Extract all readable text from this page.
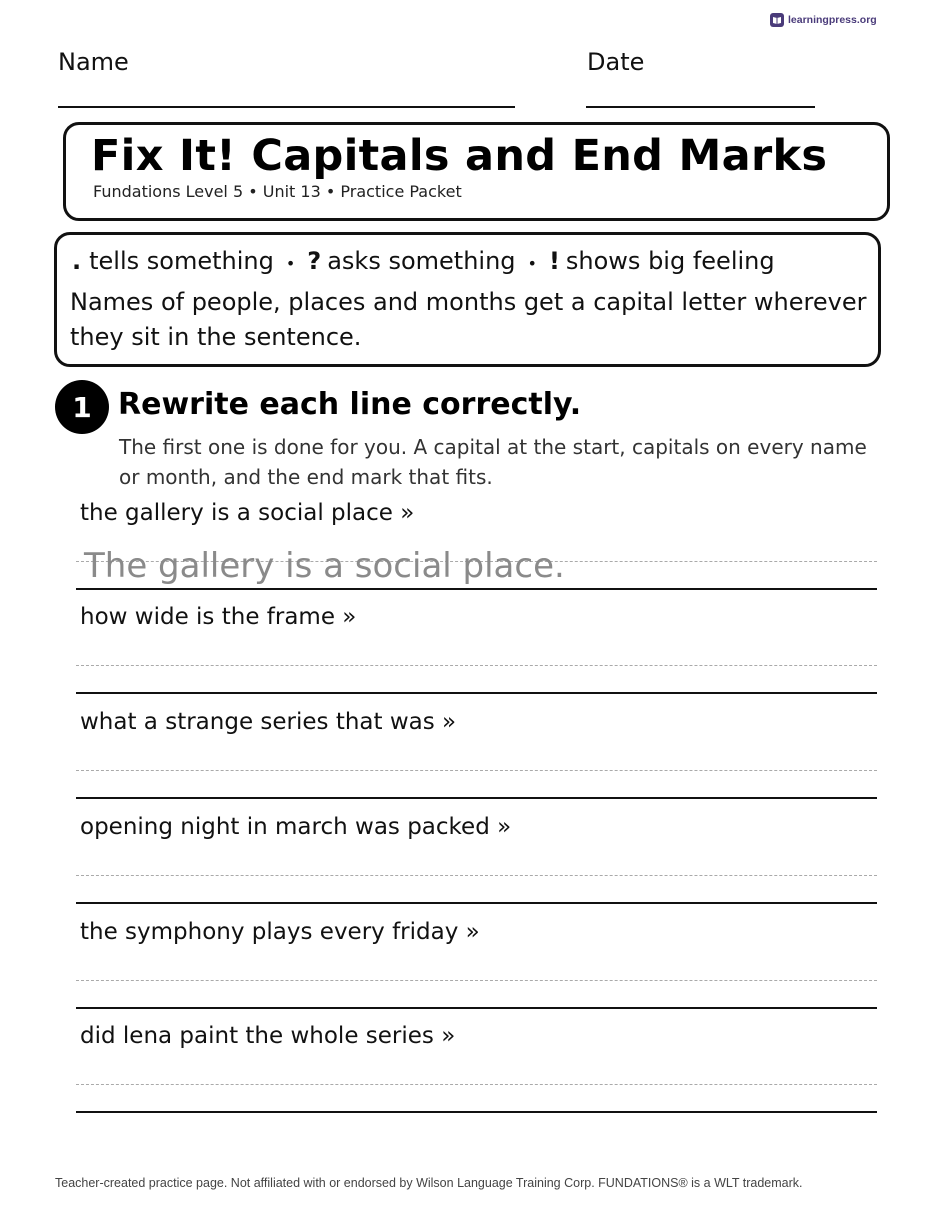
learningpress.org
Name	Date
Fix It! Capitals and End Marks
Fundations Level 5 • Unit 13 • Practice Packet
. tells something • ? asks something • ! shows big feeling
Names of people, places and months get a capital letter wherever they sit in the sentence.
1 Rewrite each line correctly.
The first one is done for you. A capital at the start, capitals on every name or month, and the end mark that fits.
the gallery is a social place »
The gallery is a social place.
how wide is the frame »
what a strange series that was »
opening night in march was packed »
the symphony plays every friday »
did lena paint the whole series »
Teacher-created practice page. Not affiliated with or endorsed by Wilson Language Training Corp. FUNDATIONS® is a WLT trademark.
